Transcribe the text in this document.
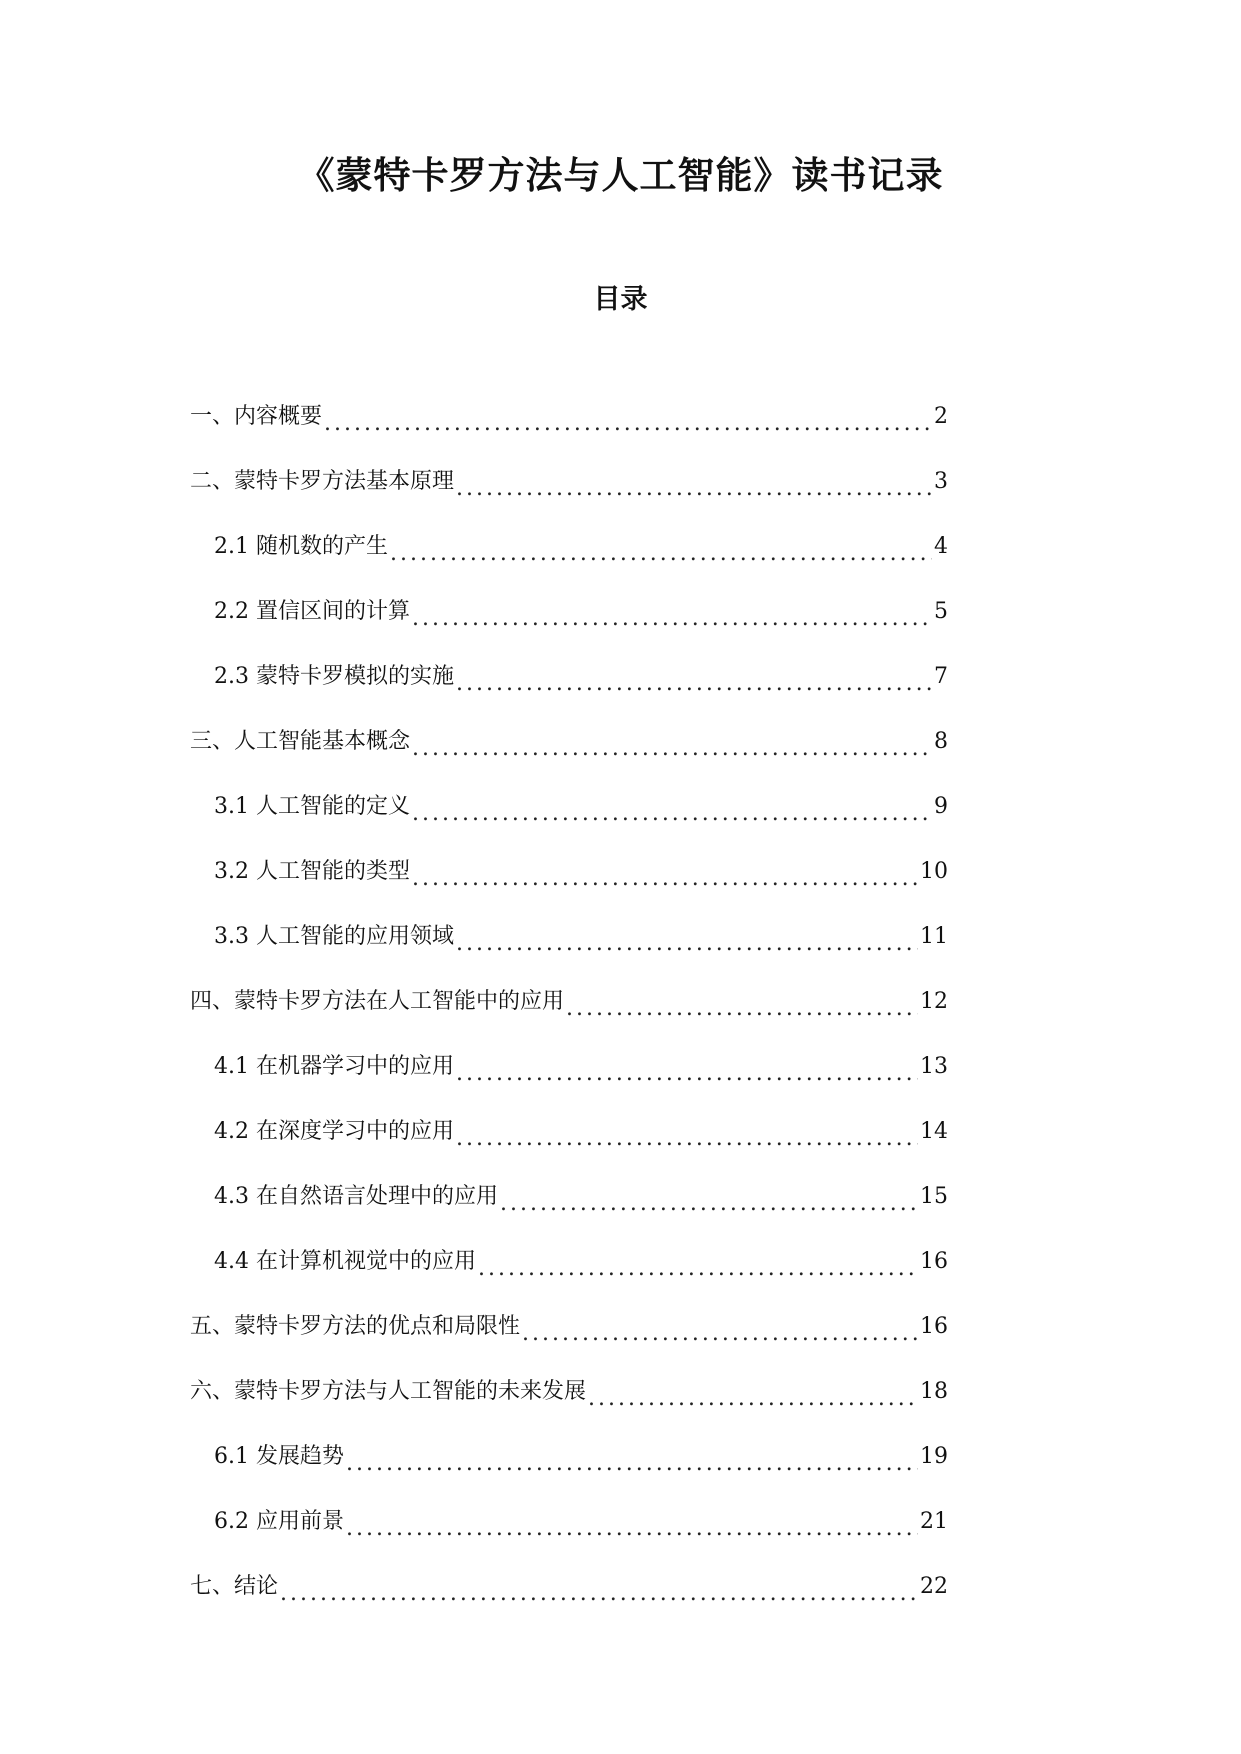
《蒙特卡罗方法与人工智能》读书记录
目录
一、内容概要 .....	2
二、蒙特卡罗方法基本原理 .....	3
2.1 随机数的产生 .....	4
2.2 置信区间的计算 .....	5
2.3 蒙特卡罗模拟的实施 .....	7
三、人工智能基本概念 .....	8
3.1 人工智能的定义 .....	9
3.2 人工智能的类型 .....	10
3.3 人工智能的应用领域 .....	11
四、蒙特卡罗方法在人工智能中的应用 .....	12
4.1 在机器学习中的应用 .....	13
4.2 在深度学习中的应用 .....	14
4.3 在自然语言处理中的应用 .....	15
4.4 在计算机视觉中的应用 .....	16
五、蒙特卡罗方法的优点和局限性 .....	16
六、蒙特卡罗方法与人工智能的未来发展 .....	18
6.1 发展趋势 .....	19
6.2 应用前景 .....	21
七、结论 .....	22
